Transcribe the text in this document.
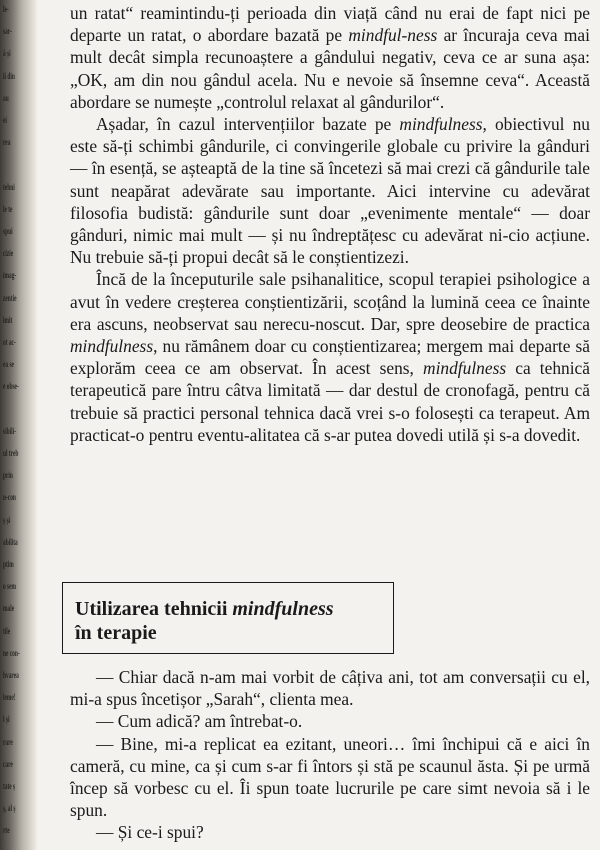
le-
sar-
ă și
ii din
au
ei
rea
tehni
le te
spui
cizie
imag-
zentie
imit
ot ac-
ea se
e obse-
sibili-
ul treb
prin
n-con
ș și
abilita
ptim
o sem
male
tile
ne con-
hvarea
leme!
l și
rare
care
tate ș
ș, al ș
rte

un ratat“ reamintindu-ți perioada din viață când nu erai de fapt nici pe departe un ratat, o abordare bazată pe mindful-ness ar încuraja ceva mai mult decât simpla recunoaștere a gândului negativ, ceva ce ar suna așa: „OK, am din nou gândul acela. Nu e nevoie să însemne ceva“. Această abordare se numește „controlul relaxat al gândurilor“.

Așadar, în cazul intervențiilor bazate pe mindfulness, obiectivul nu este să-ți schimbi gândurile, ci convingerile globale cu privire la gânduri — în esență, se așteaptă de la tine să încetezi să mai crezi că gândurile tale sunt neapărat adevărate sau importante. Aici intervine cu adevărat filosofia budistă: gândurile sunt doar „evenimente mentale“ — doar gânduri, nimic mai mult — și nu îndreptățesc cu adevărat ni-cio acțiune. Nu trebuie să-ți propui decât să le conștientizezi.

Încă de la începuturile sale psihanalitice, scopul terapiei psihologice a avut în vedere creșterea conștientizării, scoțând la lumină ceea ce înainte era ascuns, neobservat sau nerecu-noscut. Dar, spre deosebire de practica mindfulness, nu rămânem doar cu conștientizarea; mergem mai departe să explorăm ceea ce am observat. În acest sens, mindfulness ca tehnică terapeutică pare întru câtva limitată — dar destul de cronofagă, pentru că trebuie să practici personal tehnica dacă vrei s-o folosești ca terapeut. Am practicat-o pentru eventu-alitatea că s-ar putea dovedi utilă și s-a dovedit.

Utilizarea tehnicii mindfulness
în terapie

— Chiar dacă n-am mai vorbit de câțiva ani, tot am conversații cu el, mi-a spus încetișor „Sarah“, clienta mea.

— Cum adică? am întrebat-o.

— Bine, mi-a replicat ea ezitant, uneori… îmi închipui că e aici în cameră, cu mine, ca și cum s-ar fi întors și stă pe scaunul ăsta. Și pe urmă încep să vorbesc cu el. Îi spun toate lucrurile pe care simt nevoia să i le spun.

— Și ce-i spui?
